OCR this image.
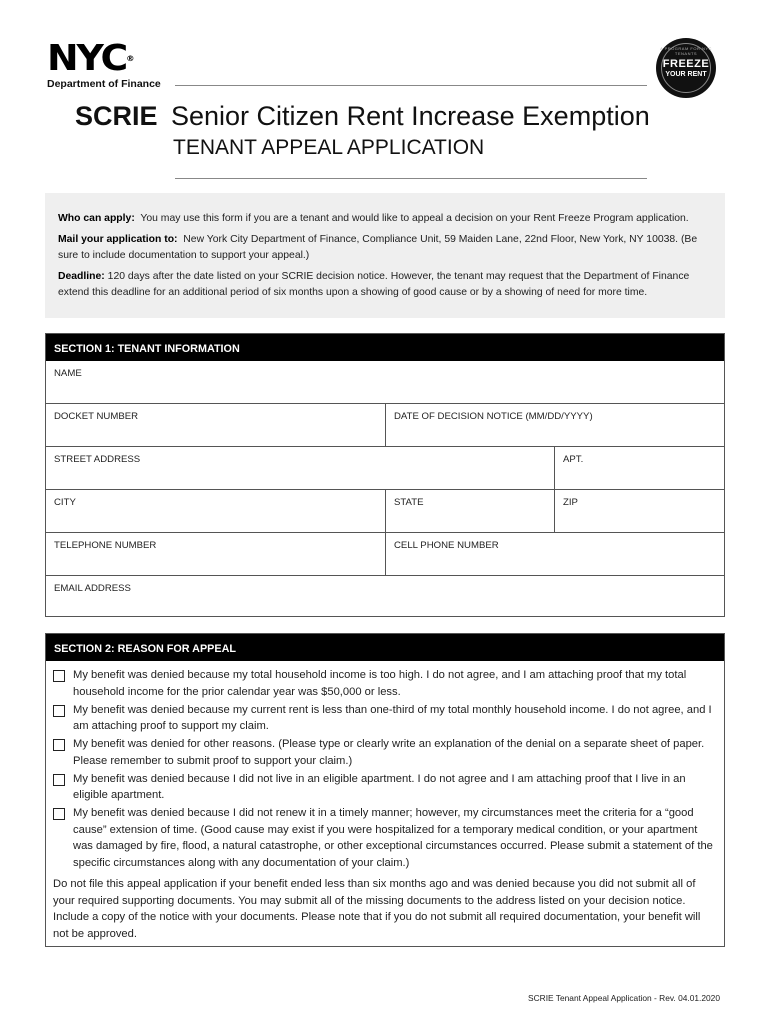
NYC®
Department of Finance
A PROGRAM FOR NYC TENANTS
FREEZE
YOUR RENT
SCRIE Senior Citizen Rent Increase Exemption
TENANT APPEAL APPLICATION

Who can apply: You may use this form if you are a tenant and would like to appeal a decision on your Rent Freeze Program application.

Mail your application to: New York City Department of Finance, Compliance Unit, 59 Maiden Lane, 22nd Floor, New York, NY 10038. (Be sure to include documentation to support your appeal.)

Deadline: 120 days after the date listed on your SCRIE decision notice. However, the tenant may request that the Department of Finance extend this deadline for an additional period of six months upon a showing of good cause or by a showing of need for more time.

SECTION 1: TENANT INFORMATION
NAME
DOCKET NUMBER	DATE OF DECISION NOTICE (MM/DD/YYYY)
STREET ADDRESS	APT.
CITY	STATE	ZIP
TELEPHONE NUMBER	CELL PHONE NUMBER
EMAIL ADDRESS
SECTION 2: REASON FOR APPEAL
My benefit was denied because my total household income is too high. I do not agree, and I am attaching proof that my total household income for the prior calendar year was $50,000 or less.
My benefit was denied because my current rent is less than one-third of my total monthly household income. I do not agree, and I am attaching proof to support my claim.
My benefit was denied for other reasons. (Please type or clearly write an explanation of the denial on a separate sheet of paper. Please remember to submit proof to support your claim.)
My benefit was denied because I did not live in an eligible apartment. I do not agree and I am attaching proof that I live in an eligible apartment.
My benefit was denied because I did not renew it in a timely manner; however, my circumstances meet the criteria for a “good cause” extension of time. (Good cause may exist if you were hospitalized for a temporary medical condition, or your apartment was damaged by fire, flood, a natural catastrophe, or other exceptional circumstances occurred. Please submit a statement of the specific circumstances along with any documentation of your claim.)
Do not file this appeal application if your benefit ended less than six months ago and was denied because you did not submit all of your required supporting documents. You may submit all of the missing documents to the address listed on your decision notice. Include a copy of the notice with your documents. Please note that if you do not submit all required documentation, your benefit will not be approved.
SCRIE Tenant Appeal Application - Rev. 04.01.2020
